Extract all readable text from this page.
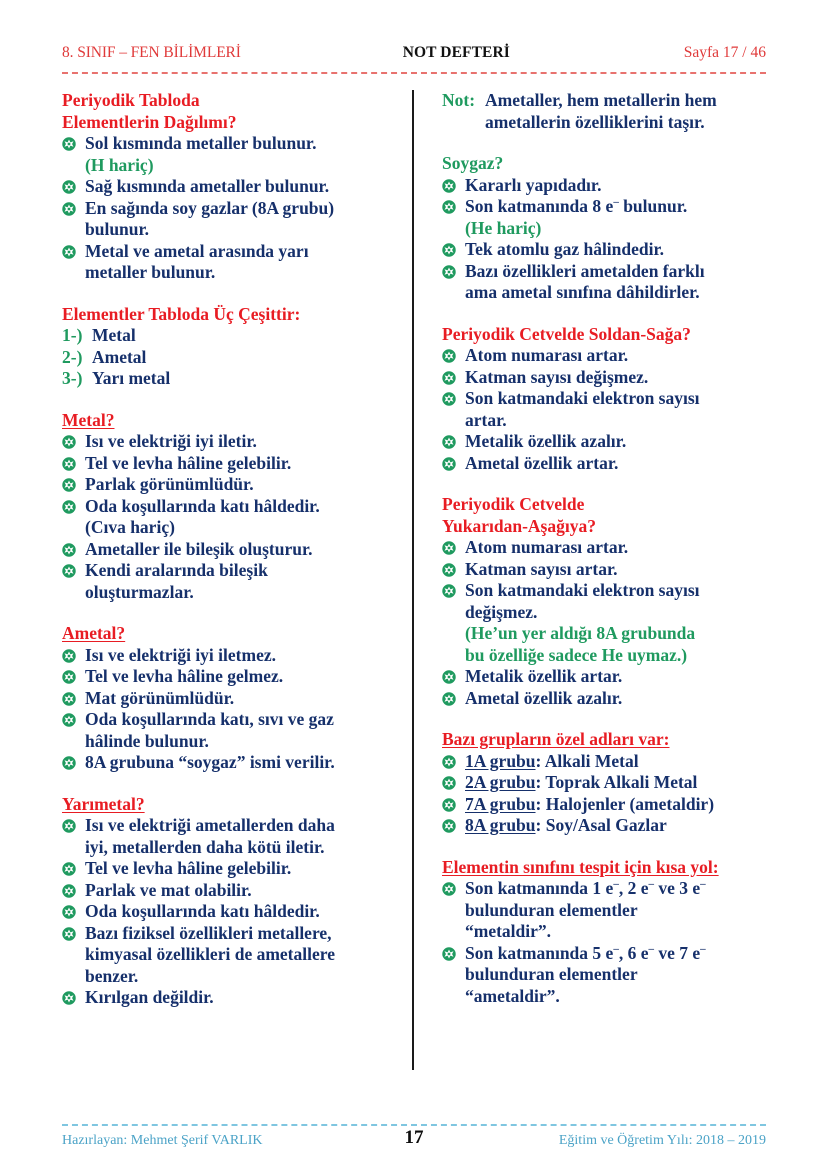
8. SINIF – FEN BİLİMLERİ	NOT DEFTERİ	Sayfa 17 / 46
Periyodik Tabloda
Elementlerin Dağılımı?
Sol kısmında metaller bulunur.
(H hariç)
Sağ kısmında ametaller bulunur.
En sağında soy gazlar (8A grubu)
bulunur.
Metal ve ametal arasında yarı
metaller bulunur.
Elementler Tabloda Üç Çeşittir:
1-) Metal
2-) Ametal
3-) Yarı metal
Metal?
Isı ve elektriği iyi iletir.
Tel ve levha hâline gelebilir.
Parlak görünümlüdür.
Oda koşullarında katı hâldedir.
(Cıva hariç)
Ametaller ile bileşik oluşturur.
Kendi aralarında bileşik
oluşturmazlar.
Ametal?
Isı ve elektriği iyi iletmez.
Tel ve levha hâline gelmez.
Mat görünümlüdür.
Oda koşullarında katı, sıvı ve gaz
hâlinde bulunur.
8A grubuna “soygaz” ismi verilir.
Yarımetal?
Isı ve elektriği ametallerden daha
iyi, metallerden daha kötü iletir.
Tel ve levha hâline gelebilir.
Parlak ve mat olabilir.
Oda koşullarında katı hâldedir.
Bazı fiziksel özellikleri metallere,
kimyasal özellikleri de ametallere
benzer.
Kırılgan değildir.
Not: Ametaller, hem metallerin hem
ametallerin özelliklerini taşır.
Soygaz?
Kararlı yapıdadır.
Son katmanında 8 e– bulunur.
(He hariç)
Tek atomlu gaz hâlindedir.
Bazı özellikleri ametalden farklı
ama ametal sınıfına dâhildirler.
Periyodik Cetvelde Soldan-Sağa?
Atom numarası artar.
Katman sayısı değişmez.
Son katmandaki elektron sayısı
artar.
Metalik özellik azalır.
Ametal özellik artar.
Periyodik Cetvelde
Yukarıdan-Aşağıya?
Atom numarası artar.
Katman sayısı artar.
Son katmandaki elektron sayısı
değişmez.
(He’un yer aldığı 8A grubunda
bu özelliğe sadece He uymaz.)
Metalik özellik artar.
Ametal özellik azalır.
Bazı grupların özel adları var:
1A grubu: Alkali Metal
2A grubu: Toprak Alkali Metal
7A grubu: Halojenler (ametaldir)
8A grubu: Soy/Asal Gazlar
Elementin sınıfını tespit için kısa yol:
Son katmanında 1 e–, 2 e– ve 3 e–
bulunduran elementler
“metaldir”.
Son katmanında 5 e–, 6 e– ve 7 e–
bulunduran elementler
“ametaldir”.
Hazırlayan: Mehmet Şerif VARLIK	17	Eğitim ve Öğretim Yılı: 2018 – 2019
